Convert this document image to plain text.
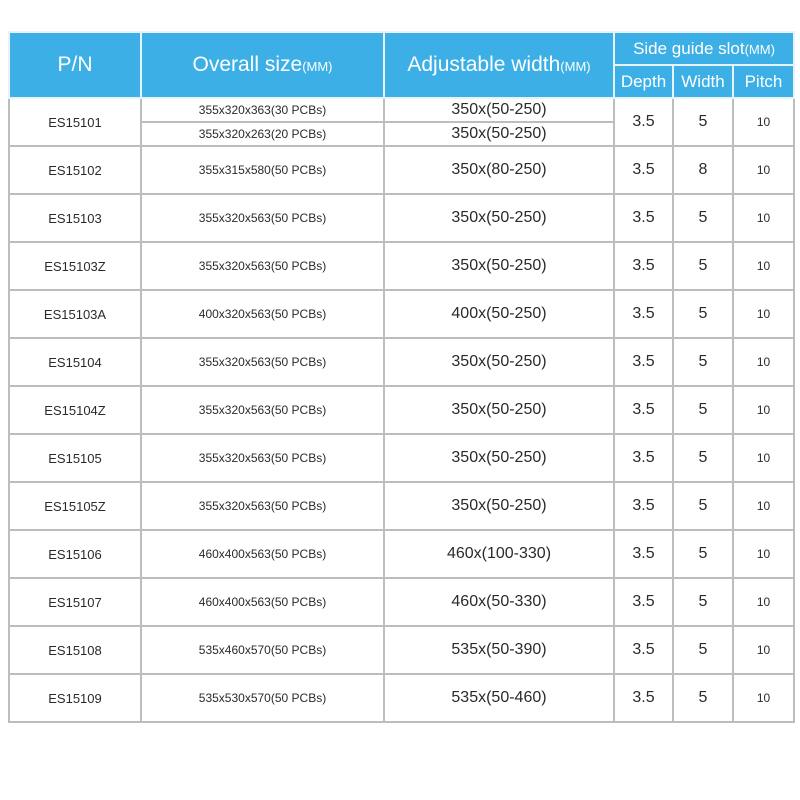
P/N	Overall size(MM)	Adjustable width(MM)	Side guide slot(MM)		
			Depth	Width	Pitch
ES15101	355x320x363(30 PCBs)	350x(50-250)	3.5	5	10
	355x320x263(20 PCBs)	350x(50-250)			
ES15102	355x315x580(50 PCBs)	350x(80-250)	3.5	8	10
ES15103	355x320x563(50 PCBs)	350x(50-250)	3.5	5	10
ES15103Z	355x320x563(50 PCBs)	350x(50-250)	3.5	5	10
ES15103A	400x320x563(50 PCBs)	400x(50-250)	3.5	5	10
ES15104	355x320x563(50 PCBs)	350x(50-250)	3.5	5	10
ES15104Z	355x320x563(50 PCBs)	350x(50-250)	3.5	5	10
ES15105	355x320x563(50 PCBs)	350x(50-250)	3.5	5	10
ES15105Z	355x320x563(50 PCBs)	350x(50-250)	3.5	5	10
ES15106	460x400x563(50 PCBs)	460x(100-330)	3.5	5	10
ES15107	460x400x563(50 PCBs)	460x(50-330)	3.5	5	10
ES15108	535x460x570(50 PCBs)	535x(50-390)	3.5	5	10
ES15109	535x530x570(50 PCBs)	535x(50-460)	3.5	5	10
